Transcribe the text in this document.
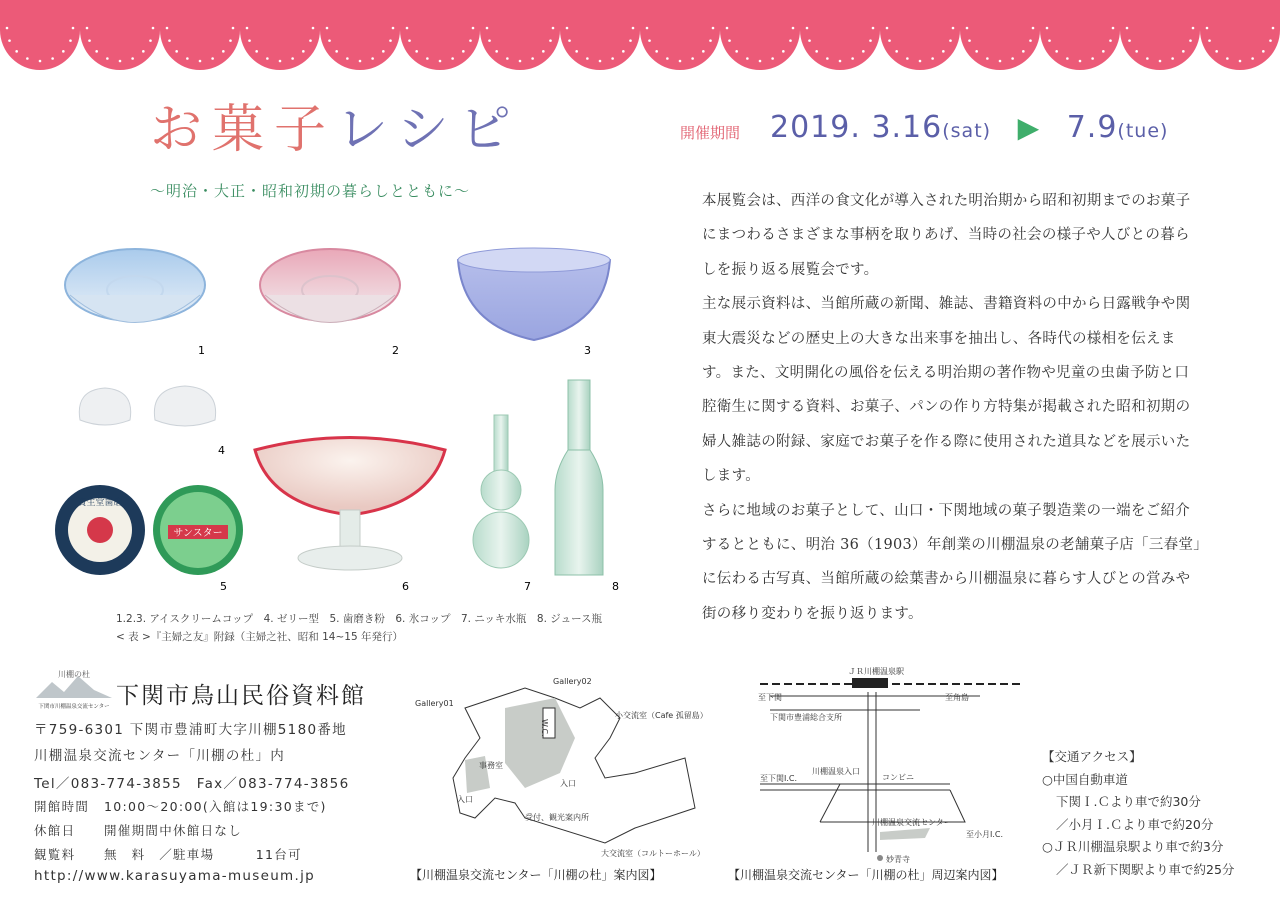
お菓子レシピ
〜明治・大正・昭和初期の暮らしとともに〜
開催期間 2019. 3.16(sat) ▶ 7.9(tue)

本展覧会は、西洋の食文化が導入された明治期から昭和初期までのお菓子にまつわるさまざまな事柄を取りあげ、当時の社会の様子や人びとの暮らしを振り返る展覧会です。

主な展示資料は、当館所蔵の新聞、雑誌、書籍資料の中から日露戦争や関東大震災などの歴史上の大きな出来事を抽出し、各時代の様相を伝えます。また、文明開化の風俗を伝える明治期の著作物や児童の虫歯予防と口腔衛生に関する資料、お菓子、パンの作り方特集が掲載された昭和初期の婦人雑誌の附録、家庭でお菓子を作る際に使用された道具などを展示いたします。

さらに地域のお菓子として、山口・下関地域の菓子製造業の一端をご紹介するとともに、明治 36（1903）年創業の川棚温泉の老舗菓子店「三春堂」に伝わる古写真、当館所蔵の絵葉書から川棚温泉に暮らす人びとの営みや街の移り変わりを振り返ります。

資生堂歯磨
サンスター
1	2	3
4
5	6	7	8
1.2.3. アイスクリームコップ　4. ゼリー型　5. 歯磨き粉　6. 氷コップ　7. ニッキ水瓶　8. ジュース瓶
< 表 >『主婦之友』附録（主婦之社、昭和 14~15 年発行）
川棚の杜
下関市川棚温泉交流センター 下関市鳥山民俗資料館
〒759-6301 下関市豊浦町大字川棚5180番地
川棚温泉交流センター「川棚の杜」内
Tel／083-774-3855　Fax／083-774-3856
開館時間 10:00〜20:00(入館は19:30まで)
休館日 開催期間中休館日なし
観覧料 無　料　／駐車場　　　11台可
http://www.karasuyama-museum.jp
Gallery01
Gallery02
W.C.
小交流室（Cafe 孤留島）
事務室
入口
入口
受付、観光案内所
大交流室（コルトーホール）
【川棚温泉交流センター「川棚の杜」案内図】
ＪＲ川棚温泉駅
至下関	至角島
下関市豊浦総合支所
川棚温泉入口
コンビニ
至下関I.C.
川棚温泉交流センター
至小月I.C.
妙青寺
【川棚温泉交流センター「川棚の杜」周辺案内図】
【交通アクセス】
○中国自動車道
下関Ｉ.Ｃより車で約30分
／小月Ｉ.Ｃより車で約20分
○ＪＲ川棚温泉駅より車で約3分
／ＪＲ新下関駅より車で約25分
